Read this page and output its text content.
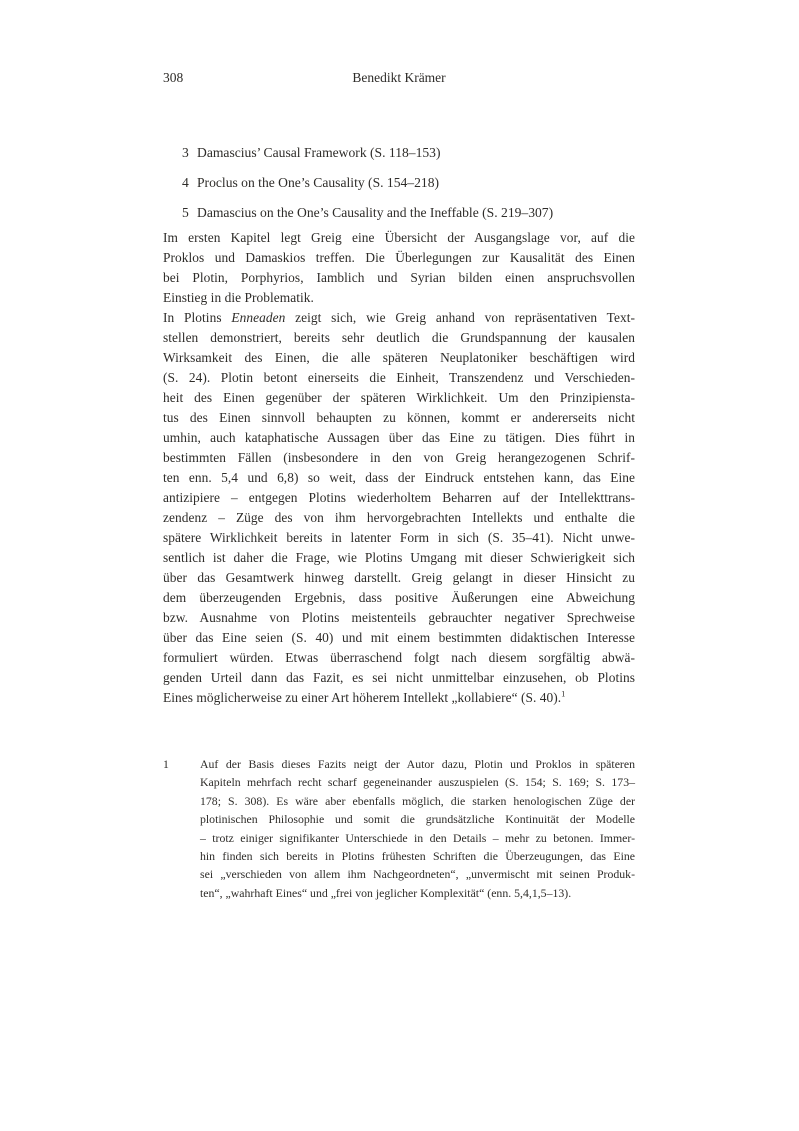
308	Benedikt Krämer
3 Damascius’ Causal Framework (S. 118–153)
4 Proclus on the One’s Causality (S. 154–218)
5 Damascius on the One’s Causality and the Ineffable (S. 219–307)
Im ersten Kapitel legt Greig eine Übersicht der Ausgangslage vor, auf die
Proklos und Damaskios treffen. Die Überlegungen zur Kausalität des Einen
bei Plotin, Porphyrios, Iamblich und Syrian bilden einen anspruchsvollen
Einstieg in die Problematik.
In Plotins Enneaden zeigt sich, wie Greig anhand von repräsentativen Text-
stellen demonstriert, bereits sehr deutlich die Grundspannung der kausalen
Wirksamkeit des Einen, die alle späteren Neuplatoniker beschäftigen wird
(S. 24). Plotin betont einerseits die Einheit, Transzendenz und Verschieden-
heit des Einen gegenüber der späteren Wirklichkeit. Um den Prinzipiensta-
tus des Einen sinnvoll behaupten zu können, kommt er andererseits nicht
umhin, auch kataphatische Aussagen über das Eine zu tätigen. Dies führt in
bestimmten Fällen (insbesondere in den von Greig herangezogenen Schrif-
ten enn. 5,4 und 6,8) so weit, dass der Eindruck entstehen kann, das Eine
antizipiere – entgegen Plotins wiederholtem Beharren auf der Intellekttrans-
zendenz – Züge des von ihm hervorgebrachten Intellekts und enthalte die
spätere Wirklichkeit bereits in latenter Form in sich (S. 35–41). Nicht unwe-
sentlich ist daher die Frage, wie Plotins Umgang mit dieser Schwierigkeit sich
über das Gesamtwerk hinweg darstellt. Greig gelangt in dieser Hinsicht zu
dem überzeugenden Ergebnis, dass positive Äußerungen eine Abweichung
bzw. Ausnahme von Plotins meistenteils gebrauchter negativer Sprechweise
über das Eine seien (S. 40) und mit einem bestimmten didaktischen Interesse
formuliert würden. Etwas überraschend folgt nach diesem sorgfältig abwä-
genden Urteil dann das Fazit, es sei nicht unmittelbar einzusehen, ob Plotins
Eines möglicherweise zu einer Art höherem Intellekt „kollabiere“ (S. 40).$^1$
1	Auf der Basis dieses Fazits neigt der Autor dazu, Plotin und Proklos in späteren
Kapiteln mehrfach recht scharf gegeneinander auszuspielen (S. 154; S. 169; S. 173–
178; S. 308). Es wäre aber ebenfalls möglich, die starken henologischen Züge der
plotinischen Philosophie und somit die grundsätzliche Kontinuität der Modelle
– trotz einiger signifikanter Unterschiede in den Details – mehr zu betonen. Immer-
hin finden sich bereits in Plotins frühesten Schriften die Überzeugungen, das Eine
sei „verschieden von allem ihm Nachgeordneten“, „unvermischt mit seinen Produk-
ten“, „wahrhaft Eines“ und „frei von jeglicher Komplexität“ (enn. 5,4,1,5–13).
